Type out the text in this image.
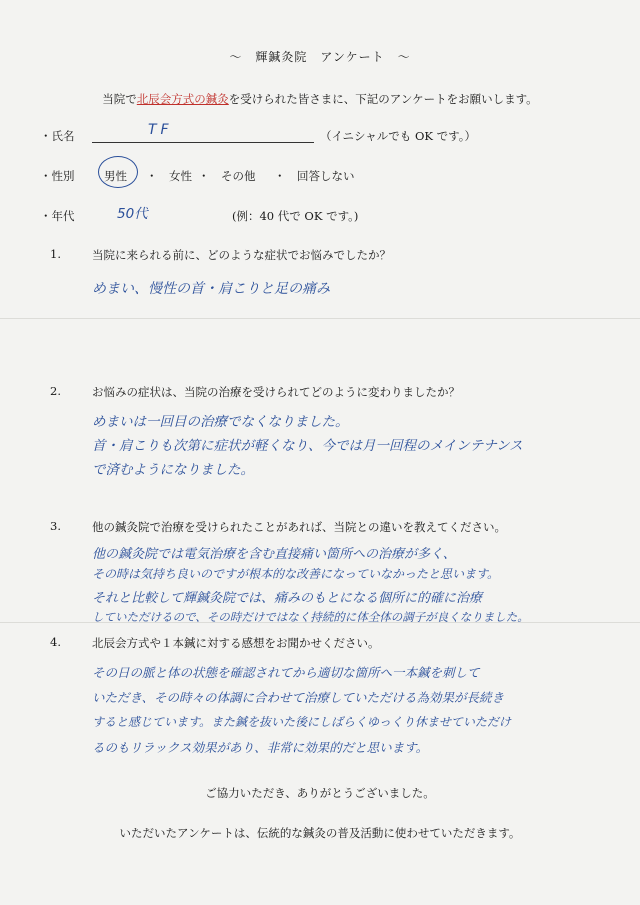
〜　輝鍼灸院　アンケート　〜
当院で北辰会方式の鍼灸を受けられた皆さまに、下記のアンケートをお願いします。
・氏名	TF	（イニシャルでも OK です。）
・性別	男性 ・　女性 ・　その他 ・　回答しない
・年代	50代	(例：40 代で OK です。)
1.	当院に来られる前に、どのような症状でお悩みでしたか？
めまい、慢性の首・肩こりと足の痛み
2.	お悩みの症状は、当院の治療を受けられてどのように変わりましたか？
めまいは一回目の治療でなくなりました。
首・肩こりも次第に症状が軽くなり、今では月一回程のメインテナンス
で済むようになりました。
3.	他の鍼灸院で治療を受けられたことがあれば、当院との違いを教えてください。
他の鍼灸院では電気治療を含む直接痛い箇所への治療が多く、
その時は気持ち良いのですが根本的な改善になっていなかったと思います。
それと比較して輝鍼灸院では、痛みのもとになる個所に的確に治療
していただけるので、その時だけではなく持続的に体全体の調子が良くなりました。
4.	北辰会方式や１本鍼に対する感想をお聞かせください。
その日の脈と体の状態を確認されてから適切な箇所へ一本鍼を刺して
いただき、その時々の体調に合わせて治療していただける為効果が長続き
すると感じています。また鍼を抜いた後にしばらくゆっくり休ませていただけ
るのもリラックス効果があり、非常に効果的だと思います。
ご協力いただき、ありがとうございました。
いただいたアンケートは、伝統的な鍼灸の普及活動に使わせていただきます。
